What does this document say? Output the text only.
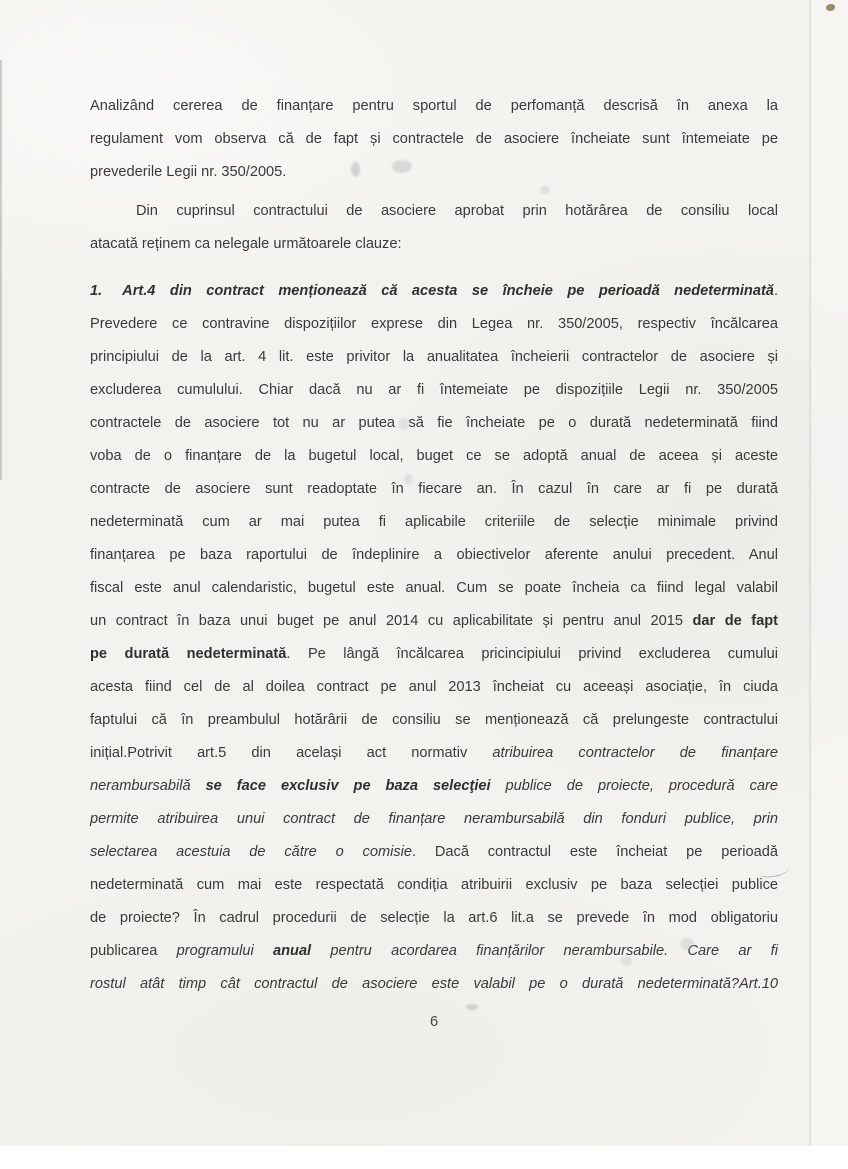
Analizând cererea de finanțare pentru sportul de perfomanță descrisă în anexa la
regulament vom observa că de fapt și contractele de asociere încheiate sunt întemeiate pe
prevederile Legii nr. 350/2005.
Din cuprinsul contractului de asociere aprobat prin hotărârea de consiliu local
atacată reținem ca nelegale următoarele clauze:
1. Art.4 din contract menționează că acesta se încheie pe perioadă nedeterminată.
Prevedere ce contravine dispozițiilor exprese din Legea nr. 350/2005, respectiv încălcarea
principiului de la art. 4 lit. este privitor la anualitatea încheierii contractelor de asociere și
excluderea cumulului. Chiar dacă nu ar fi întemeiate pe dispozițiile Legii nr. 350/2005
contractele de asociere tot nu ar putea să fie încheiate pe o durată nedeterminată fiind
voba de o finanțare de la bugetul local, buget ce se adoptă anual de aceea și aceste
contracte de asociere sunt readoptate în fiecare an. În cazul în care ar fi pe durată
nedeterminată cum ar mai putea fi aplicabile criteriile de selecție minimale privind
finanțarea pe baza raportului de îndeplinire a obiectivelor aferente anului precedent. Anul
fiscal este anul calendaristic, bugetul este anual. Cum se poate încheia ca fiind legal valabil
un contract în baza unui buget pe anul 2014 cu aplicabilitate și pentru anul 2015 dar de fapt
pe durată nedeterminată. Pe lângă încălcarea pricincipiului privind excluderea cumului
acesta fiind cel de al doilea contract pe anul 2013 încheiat cu aceeași asociație, în ciuda
faptului că în preambulul hotărârii de consiliu se menționează că prelungeste contractului
inițial.Potrivit art.5 din același act normativ atribuirea contractelor de finanțare
nerambursabilă se face exclusiv pe baza selecţiei publice de proiecte, procedură care
permite atribuirea unui contract de finanțare nerambursabilă din fonduri publice, prin
selectarea acestuia de către o comisie. Dacă contractul este încheiat pe perioadă
nedeterminată cum mai este respectată condiția atribuirii exclusiv pe baza selecției publice
de proiecte? În cadrul procedurii de selecție la art.6 lit.a se prevede în mod obligatoriu
publicarea programului anual pentru acordarea finanțărilor nerambursabile. Care ar fi
rostul atât timp cât contractul de asociere este valabil pe o durată nedeterminată?Art.10
6
